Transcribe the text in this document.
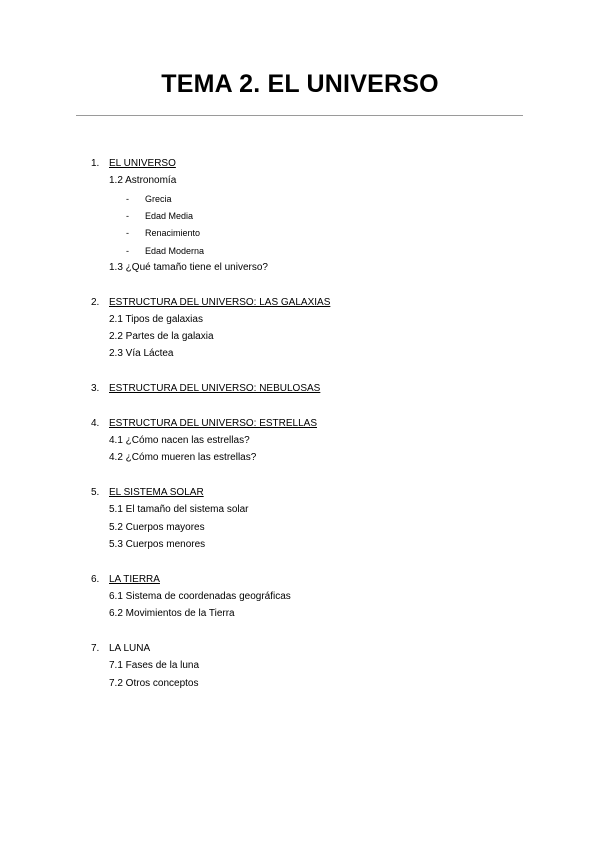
TEMA 2. EL UNIVERSO
1. EL UNIVERSO
1.2 Astronomía
- Grecia
- Edad Media
- Renacimiento
- Edad Moderna
1.3 ¿Qué tamaño tiene el universo?
2. ESTRUCTURA DEL UNIVERSO: LAS GALAXIAS
2.1 Tipos de galaxias
2.2 Partes de la galaxia
2.3 Vía Láctea
3. ESTRUCTURA DEL UNIVERSO: NEBULOSAS
4. ESTRUCTURA DEL UNIVERSO: ESTRELLAS
4.1 ¿Cómo nacen las estrellas?
4.2 ¿Cómo mueren las estrellas?
5. EL SISTEMA SOLAR
5.1 El tamaño del sistema solar
5.2 Cuerpos mayores
5.3 Cuerpos menores
6. LA TIERRA
6.1 Sistema de coordenadas geográficas
6.2 Movimientos de la Tierra
7. LA LUNA
7.1 Fases de la luna
7.2 Otros conceptos
